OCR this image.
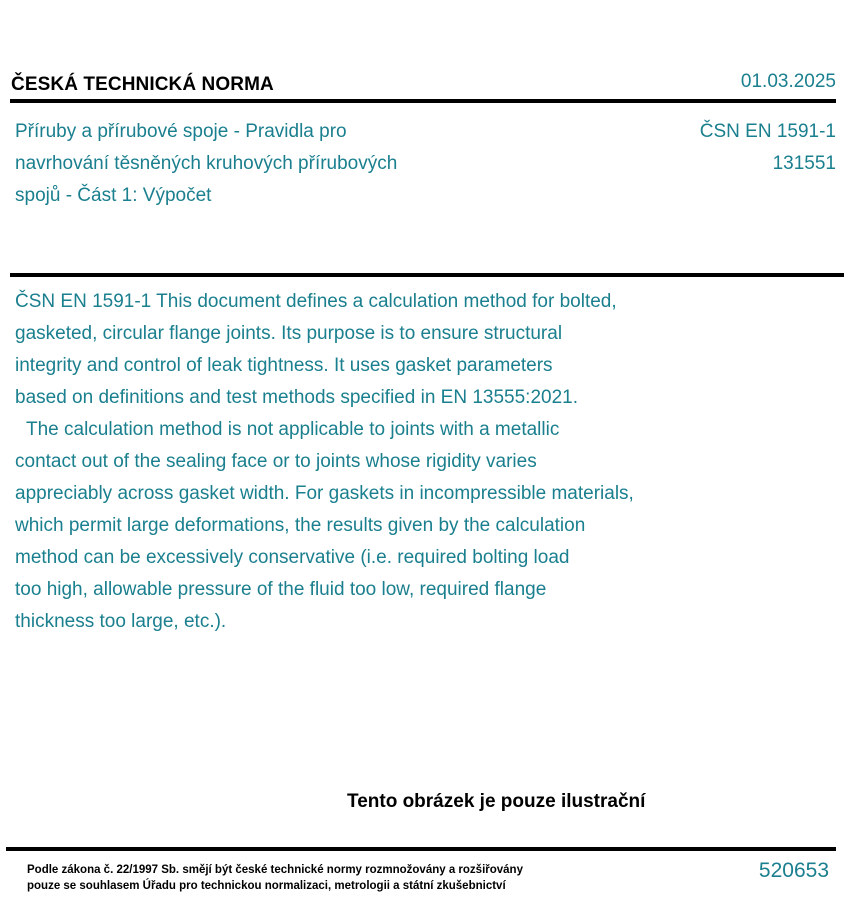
ČESKÁ TECHNICKÁ NORMA	01.03.2025
Příruby a přírubové spoje - Pravidla pro
navrhování těsněných kruhových přírubových
spojů - Část 1: Výpočet
ČSN EN 1591-1
131551

ČSN EN 1591-1 This document defines a calculation method for bolted,
gasketed, circular flange joints. Its purpose is to ensure structural
integrity and control of leak tightness. It uses gasket parameters
based on definitions and test methods specified in EN 13555:2021.

The calculation method is not applicable to joints with a metallic
contact out of the sealing face or to joints whose rigidity varies
appreciably across gasket width. For gaskets in incompressible materials,
which permit large deformations, the results given by the calculation
method can be excessively conservative (i.e. required bolting load
too high, allowable pressure of the fluid too low, required flange
thickness too large, etc.).

Tento obrázek je pouze ilustrační
Podle zákona č. 22/1997 Sb. smějí být české technické normy rozmnožovány a rozšiřovány
pouze se souhlasem Úřadu pro technickou normalizaci, metrologii a státní zkušebnictví
520653
